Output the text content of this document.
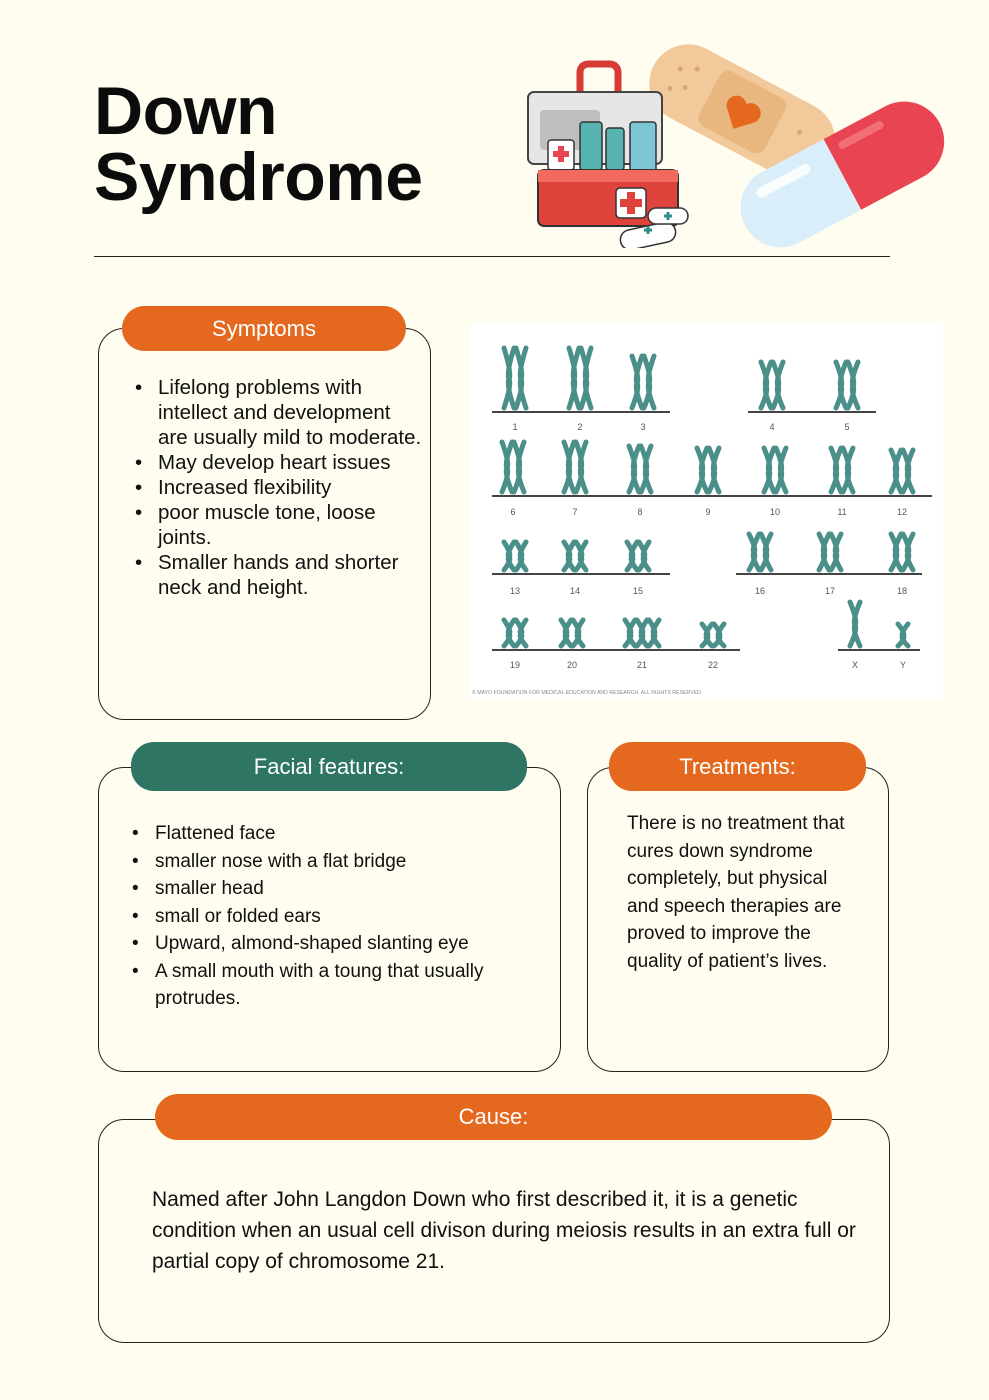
Down
Syndrome
Symptoms
• Lifelong problems with intellect and development are usually mild to moderate.
• May develop heart issues
• Increased flexibility
• poor muscle tone, loose joints.
• Smaller hands and shorter neck and height.
1	2	3	4	5
6	7	8	9	10	11	12
13	14	15	16	17	18
19	20	21	22	X	Y
© MAYO FOUNDATION FOR MEDICAL EDUCATION AND RESEARCH. ALL RIGHTS RESERVED.
Facial features:
• Flattened face
• smaller nose with a flat bridge
• smaller head
• small or folded ears
• Upward, almond-shaped slanting eye
• A small mouth with a toung that usually protrudes.
Treatments:
There is no treatment that cures down syndrome completely, but physical and speech therapies are proved to improve the quality of patient’s lives.
Cause:
Named after John Langdon Down who first described it, it is a genetic condition when an usual cell divison during meiosis results in an extra full or partial copy of chromosome 21.
